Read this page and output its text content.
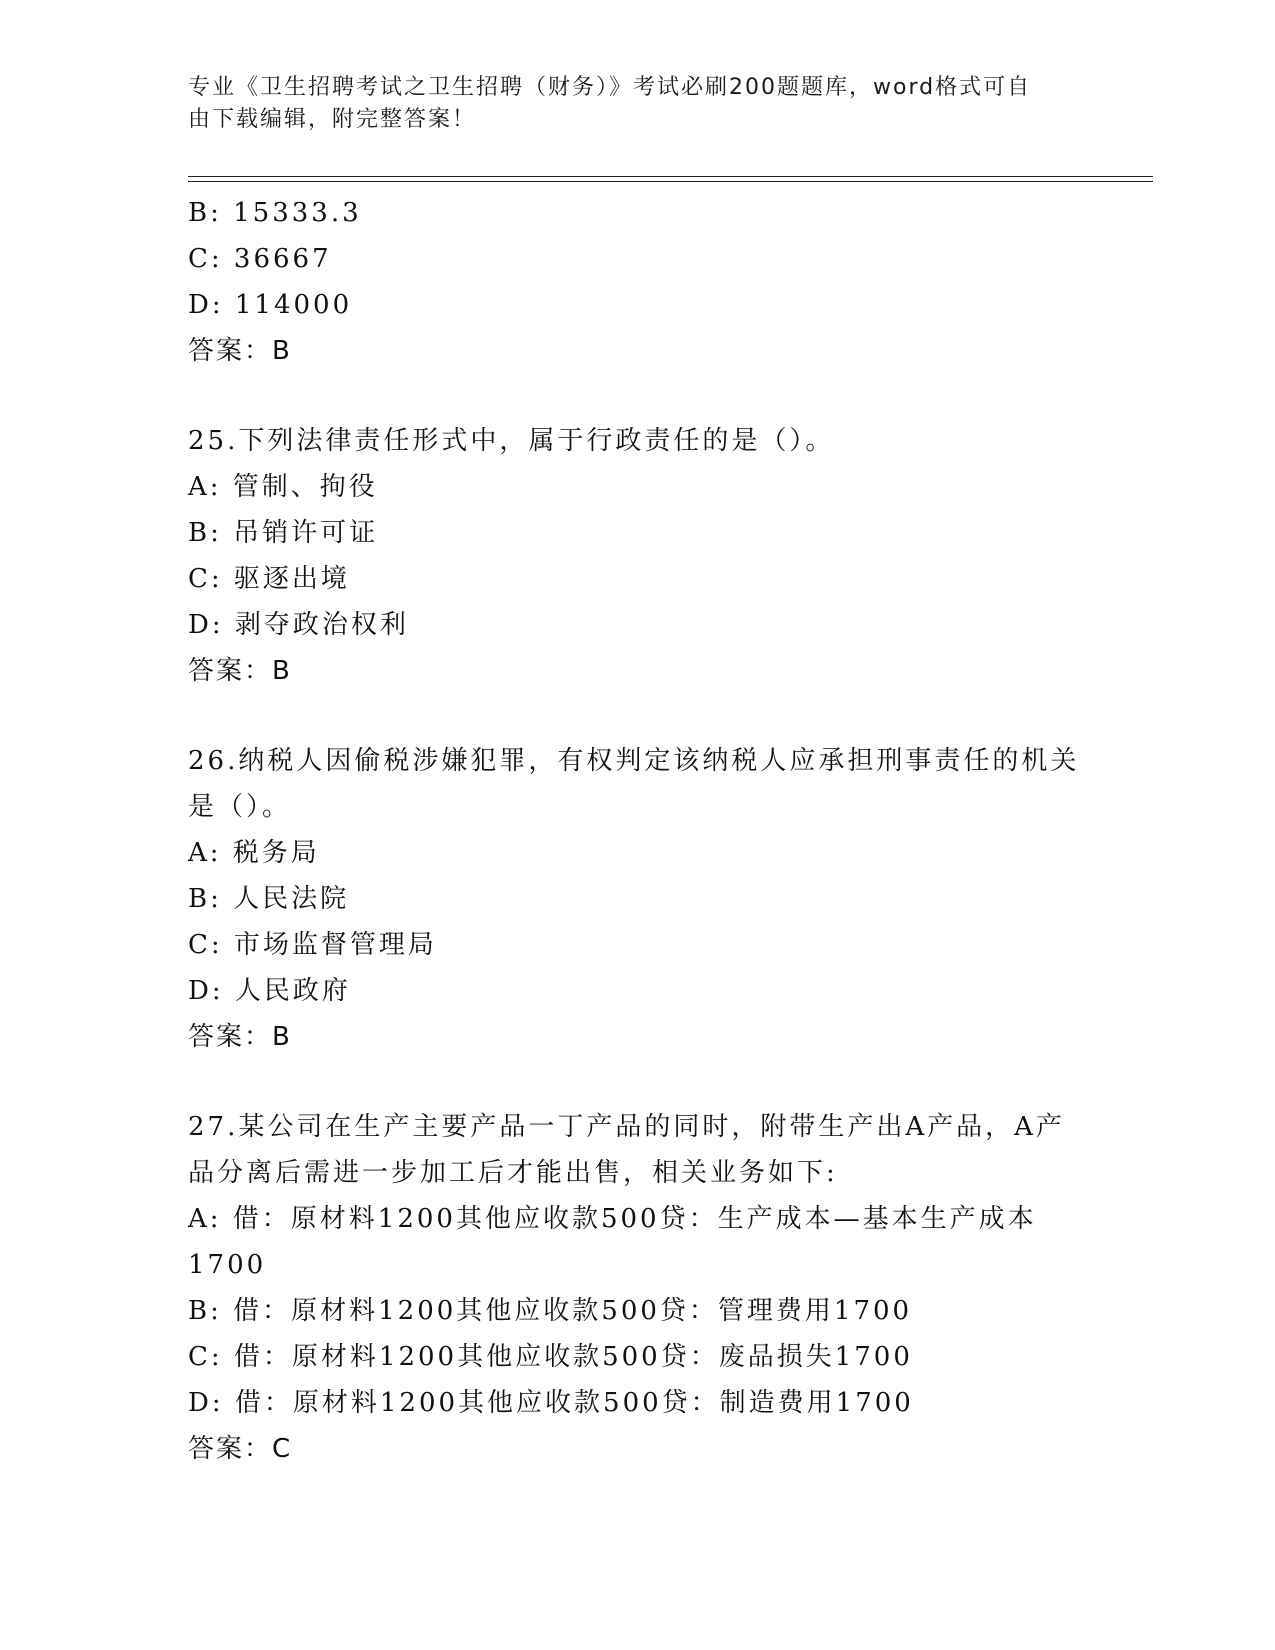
专业《卫生招聘考试之卫生招聘（财务）》考试必刷200题题库，word格式可自
由下载编辑，附完整答案！
B: 15333.3
C: 36667
D: 114000
答案：B
25.下列法律责任形式中，属于行政责任的是（）。
A: 管制、拘役
B: 吊销许可证
C: 驱逐出境
D: 剥夺政治权利
答案：B
26.纳税人因偷税涉嫌犯罪，有权判定该纳税人应承担刑事责任的机关
是（）。
A: 税务局
B: 人民法院
C: 市场监督管理局
D: 人民政府
答案：B
27.某公司在生产主要产品一丁产品的同时，附带生产出A产品，A产
品分离后需进一步加工后才能出售，相关业务如下:
A: 借：原材料1200其他应收款500贷：生产成本—基本生产成本
1700
B: 借：原材料1200其他应收款500贷：管理费用1700
C: 借：原材料1200其他应收款500贷：废品损失1700
D: 借：原材料1200其他应收款500贷：制造费用1700
答案：C
